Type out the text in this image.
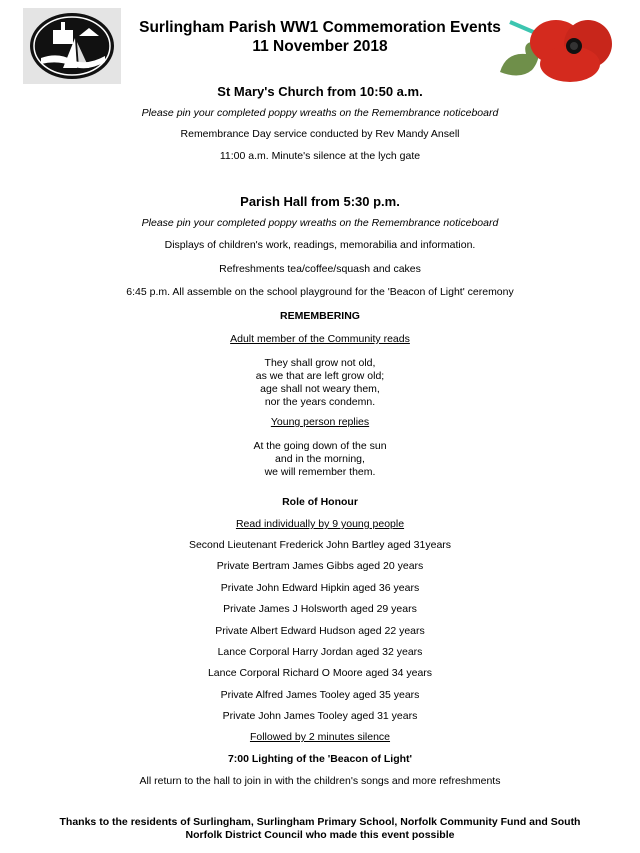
Surlingham Parish WW1 Commemoration Events
11 November 2018
St Mary's Church from 10:50 a.m.
Please pin your completed poppy wreaths on the Remembrance noticeboard
Remembrance Day service conducted by Rev Mandy Ansell
11:00 a.m. Minute's silence at the lych gate
Parish Hall from 5:30 p.m.
Please pin your completed poppy wreaths on the Remembrance noticeboard
Displays of children's work, readings, memorabilia and information.
Refreshments tea/coffee/squash and cakes
6:45 p.m. All assemble on the school playground for the 'Beacon of Light' ceremony
REMEMBERING
Adult member of the Community reads
They shall grow not old,
as we that are left grow old;
age shall not weary them,
nor the years condemn.
Young person replies
At the going down of the sun
and in the morning,
we will remember them.
Role of Honour
Read individually by 9 young people
Second Lieutenant Frederick John Bartley aged 31years
Private Bertram James Gibbs aged 20 years
Private John Edward Hipkin aged 36 years
Private James J Holsworth aged 29 years
Private Albert Edward Hudson aged 22 years
Lance Corporal Harry Jordan aged 32 years
Lance Corporal Richard O Moore aged 34 years
Private Alfred James Tooley aged 35 years
Private John James Tooley aged 31 years
Followed by 2 minutes silence
7:00 Lighting of the 'Beacon of Light'
All return to the hall to join in with the children's songs and more refreshments
Thanks to the residents of Surlingham, Surlingham Primary School, Norfolk Community Fund and South
Norfolk District Council who made this event possible
